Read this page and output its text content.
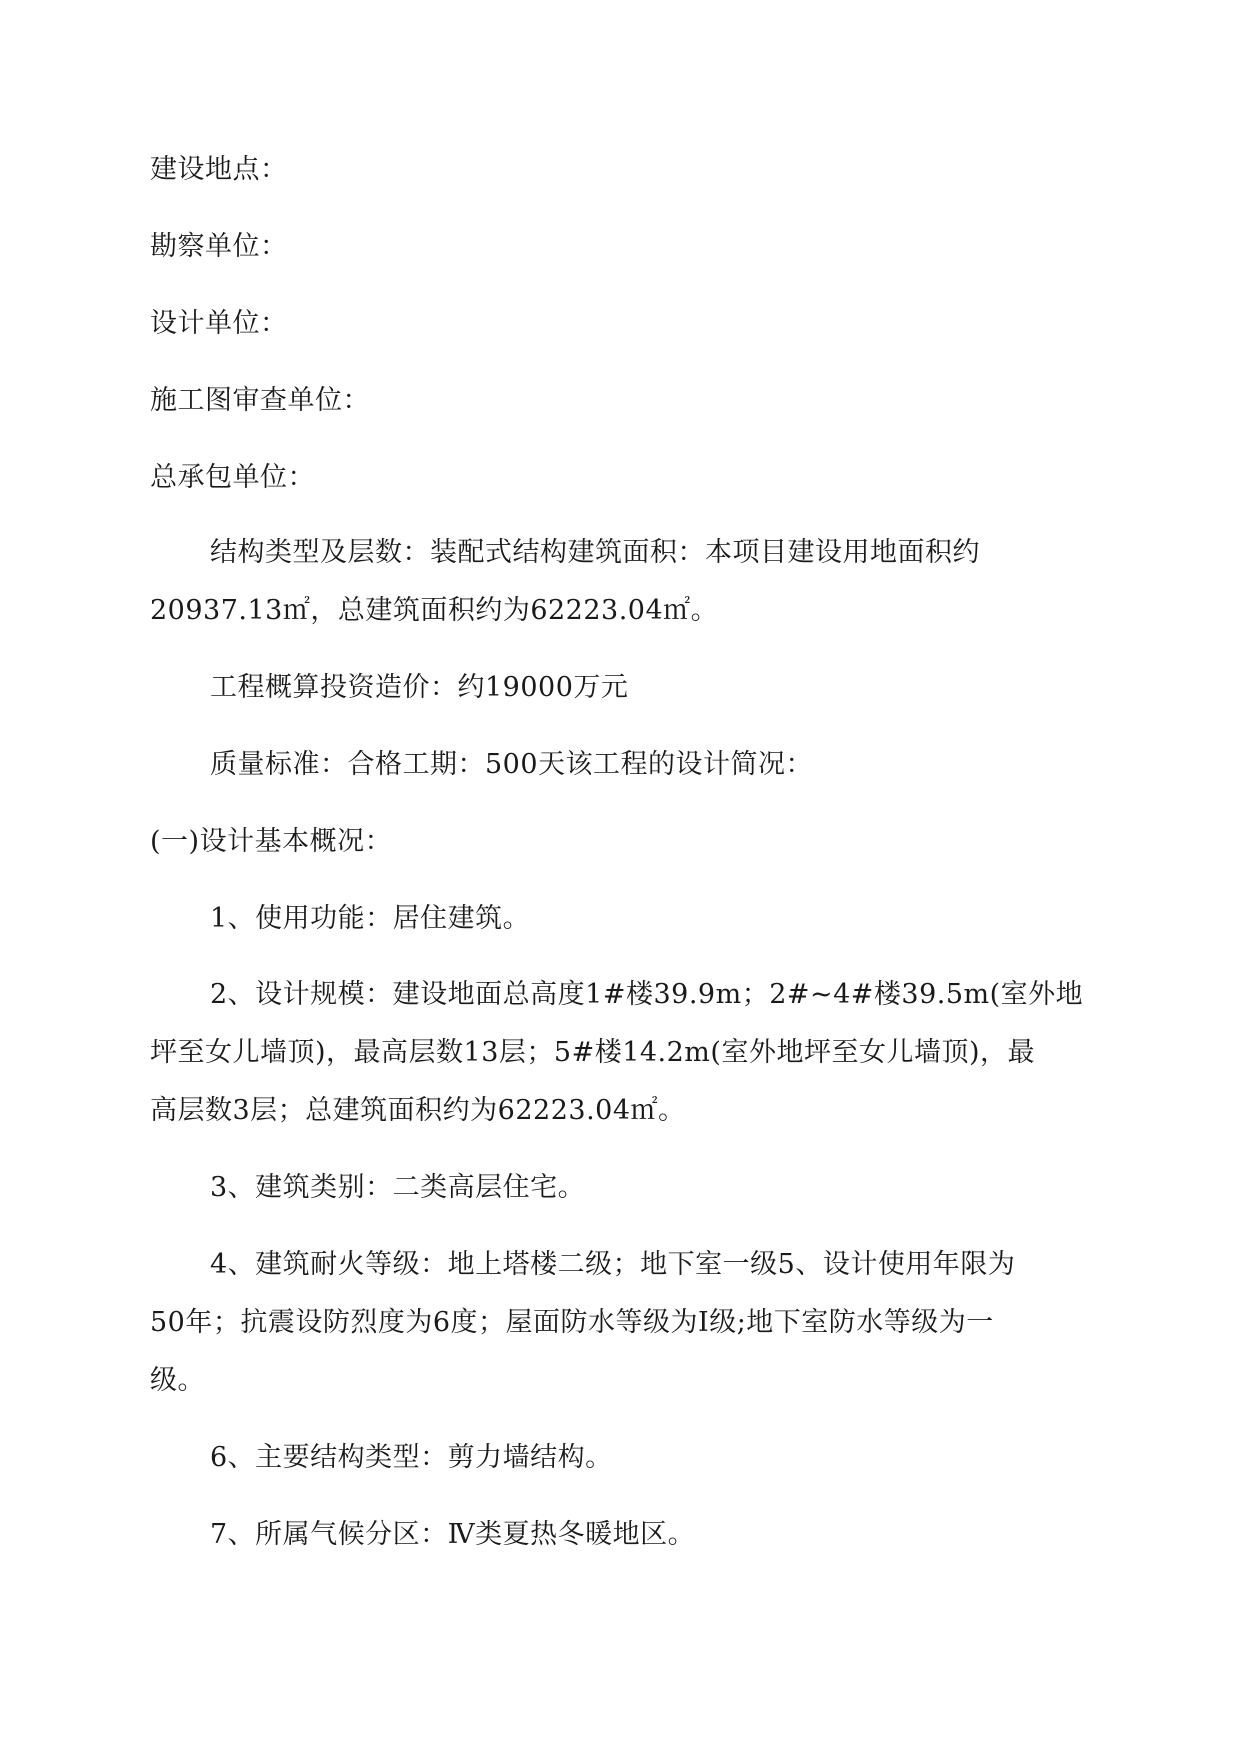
建设地点：
勘察单位：
设计单位：
施工图审查单位：
总承包单位：
结构类型及层数：装配式结构建筑面积：本项目建设用地面积约
20937.13㎡，总建筑面积约为62223.04㎡。
工程概算投资造价：约19000万元
质量标准：合格工期：500天该工程的设计简况：
(一)设计基本概况：
1、使用功能：居住建筑。
2、设计规模：建设地面总高度1#楼39.9m；2#~4#楼39.5m(室外地
坪至女儿墙顶)，最高层数13层；5#楼14.2m(室外地坪至女儿墙顶)，最
高层数3层；总建筑面积约为62223.04㎡。
3、建筑类别：二类高层住宅。
4、建筑耐火等级：地上塔楼二级；地下室一级5、设计使用年限为
50年；抗震设防烈度为6度；屋面防水等级为Ⅰ级;地下室防水等级为一
级。
6、主要结构类型：剪力墙结构。
7、所属气候分区：Ⅳ类夏热冬暖地区。
